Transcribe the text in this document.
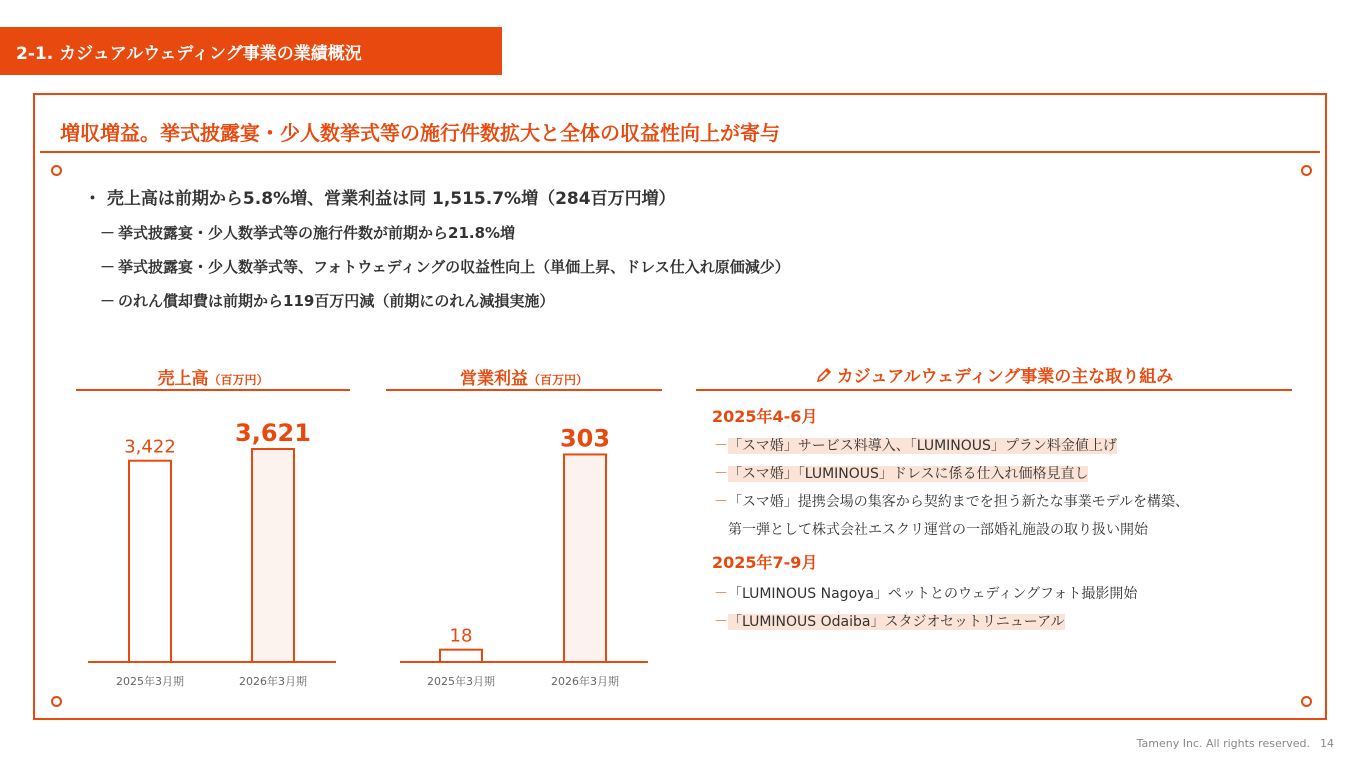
2-1. カジュアルウェディング事業の業績概況
増収増益。挙式披露宴・少人数挙式等の施行件数拡大と全体の収益性向上が寄与
・ 売上高は前期から5.8%増、営業利益は同 1,515.7%増（284百万円増）
－ 挙式披露宴・少人数挙式等の施行件数が前期から21.8%増
－ 挙式披露宴・少人数挙式等、フォトウェディングの収益性向上（単価上昇、ドレス仕入れ原価減少）
－ のれん償却費は前期から119百万円減（前期にのれん減損実施）
売上高（百万円）	営業利益（百万円）
3,422
2025年3月期
3,621
2026年3月期
18
2025年3月期
303
2026年3月期
カジュアルウェディング事業の主な取り組み
2025年4-6月
－「スマ婚」サービス料導入、「LUMINOUS」プラン料金値上げ
－「スマ婚」「LUMINOUS」ドレスに係る仕入れ価格見直し
－「スマ婚」提携会場の集客から契約までを担う新たな事業モデルを構築、
第一弾として株式会社エスクリ運営の一部婚礼施設の取り扱い開始
2025年7-9月
－「LUMINOUS Nagoya」ペットとのウェディングフォト撮影開始
－「LUMINOUS Odaiba」スタジオセットリニューアル
Tameny Inc. All rights reserved. 14
